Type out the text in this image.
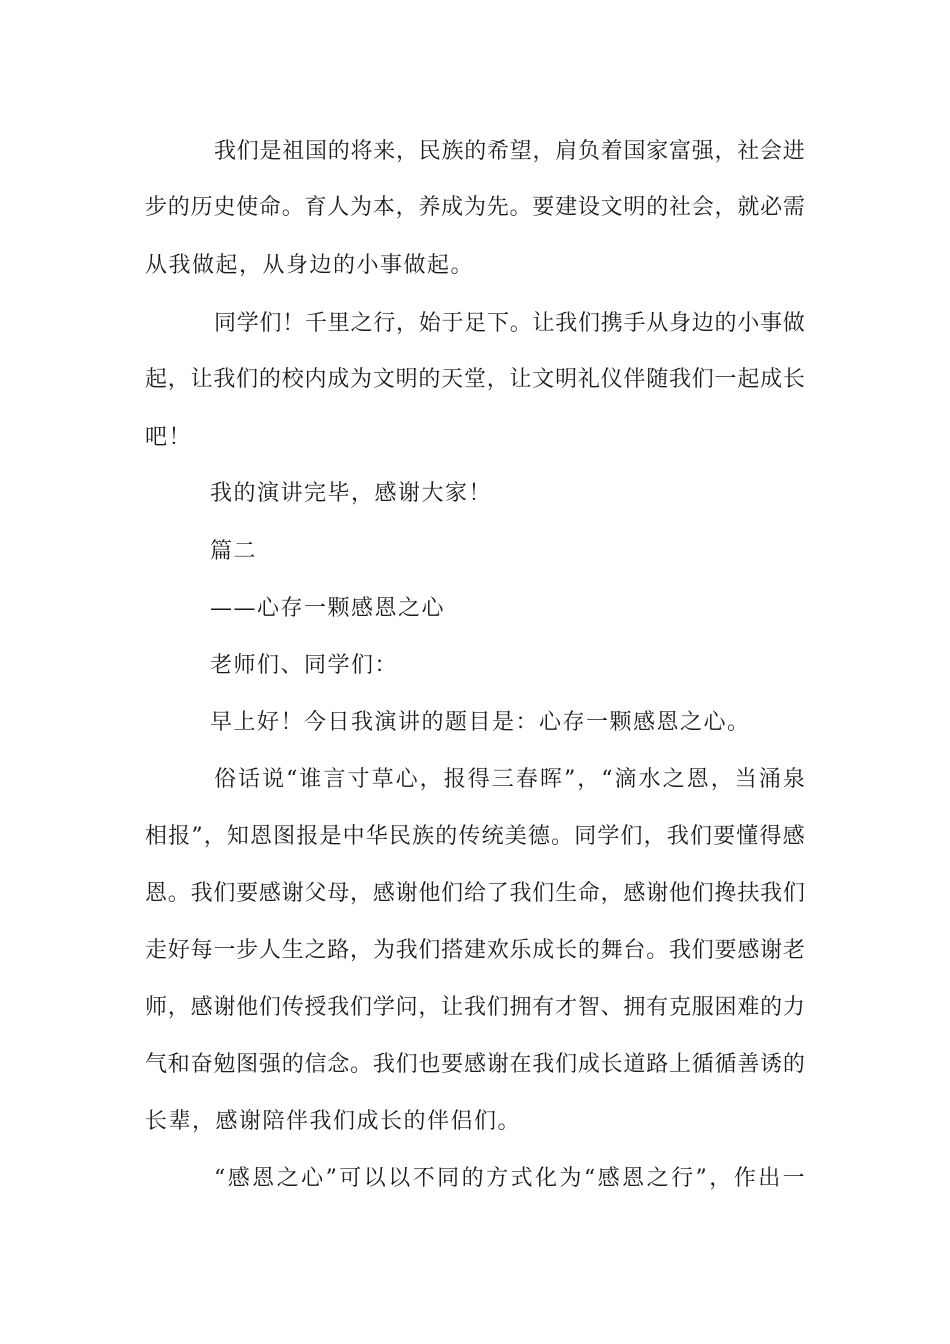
我 们 是 祖 国 的 将 来 ， 民 族 的 希 望 ， 肩 负 着 国 家 富 强 ， 社 会 进
步 的 历 史 使 命 。 育 人 为 本 ， 养 成 为 先 。 要 建 设 文 明 的 社 会 ， 就 必 需
从我做起，从身边的小事做起。
同 学 们 ！ 千 里 之 行 ， 始 于 足 下 。 让 我 们 携 手 从 身 边 的 小 事 做
起 ， 让 我 们 的 校 内 成 为 文 明 的 天 堂 ， 让 文 明 礼 仪 伴 随 我 们 一 起 成 长
吧！
我的演讲完毕，感谢大家！
篇二
——心存一颗感恩之心
老师们、同学们：
早上好！今日我演讲的题目是：心存一颗感恩之心。
俗 话 说 “ 谁 言 寸 草 心 ， 报 得 三 春 晖 ” ， “ 滴 水 之 恩 ， 当 涌 泉
相 报 ” ， 知 恩 图 报 是 中 华 民 族 的 传 统 美 德 。 同 学 们 ， 我 们 要 懂 得 感
恩 。 我 们 要 感 谢 父 母 ， 感 谢 他 们 给 了 我 们 生 命 ， 感 谢 他 们 搀 扶 我 们
走 好 每 一 步 人 生 之 路 ， 为 我 们 搭 建 欢 乐 成 长 的 舞 台 。 我 们 要 感 谢 老
师 ， 感 谢 他 们 传 授 我 们 学 问 ， 让 我 们 拥 有 才 智 、 拥 有 克 服 困 难 的 力
气 和 奋 勉 图 强 的 信 念 。 我 们 也 要 感 谢 在 我 们 成 长 道 路 上 循 循 善 诱 的
长辈，感谢陪伴我们成长的伴侣们。
“ 感 恩 之 心 ” 可 以 以 不 同 的 方 式 化 为 “ 感 恩 之 行 ” ， 作 出 一
